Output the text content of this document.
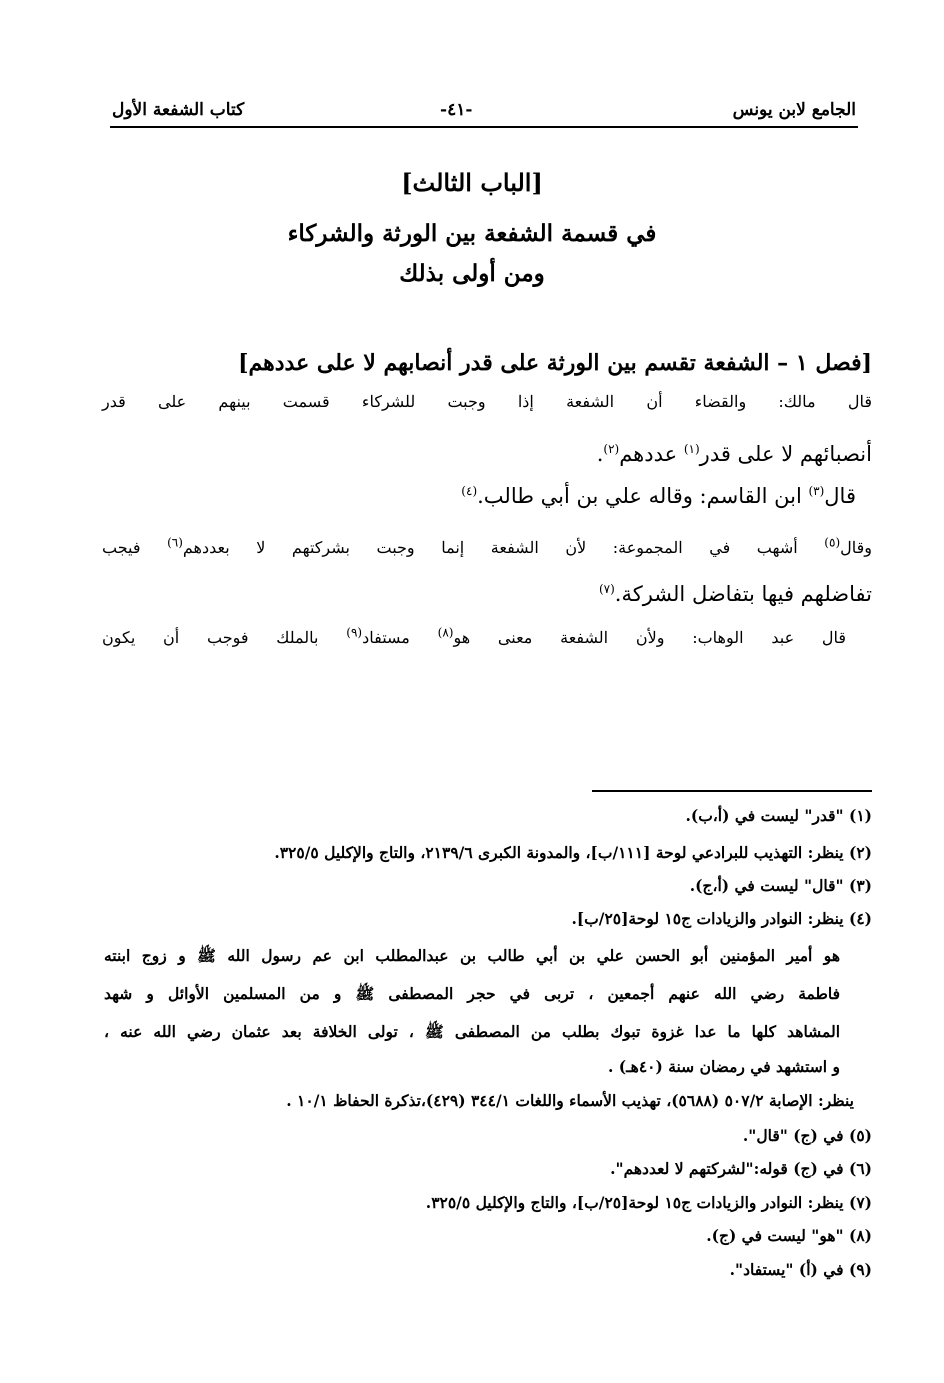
الجامع لابن يونس
-٤١-
كتاب الشفعة الأول
[الباب الثالث]
في قسمة الشفعة بين الورثة والشركاء
ومن أولى بذلك
[فصل ١ – الشفعة تقسم بين الورثة على قدر أنصابهم لا على عددهم]
قال مالك: والقضاء أن الشفعة إذا وجبت للشركاء قسمت بينهم على قدر
أنصبائهم لا على قدر$^{(١)}$ عددهم$^{(٢)}$.
قال$^{(٣)}$ ابن القاسم: وقاله علي بن أبي طالب.$^{(٤)}$
وقال$^{(٥)}$ أشهب في المجموعة: لأن الشفعة إنما وجبت بشركتهم لا بعددهم$^{(٦)}$ فيجب
تفاضلهم فيها بتفاضل الشركة.$^{(٧)}$
قال عبد الوهاب: ولأن الشفعة معنى هو$^{(٨)}$ مستفاد$^{(٩)}$ بالملك فوجب أن يكون
(١) "قدر" ليست في (أ،ب).
(٢) ينظر: التهذيب للبرادعي لوحة [١١١/ب]، والمدونة الكبرى ٢١٣٩/٦، والتاج والإكليل ٣٢٥/٥.
(٣) "قال" ليست في (أ،ج).
(٤) ينظر: النوادر والزيادات ج١٥ لوحة[٢٥/ب].
هو أمير المؤمنين أبو الحسن علي بن أبي طالب بن عبدالمطلب ابن عم رسول الله ﷺ و زوج ابنته
فاطمة رضي الله عنهم أجمعين ، تربى في حجر المصطفى ﷺ و من المسلمين الأوائل و شهد
المشاهد كلها ما عدا غزوة تبوك بطلب من المصطفى ﷺ ، تولى الخلافة بعد عثمان رضي الله عنه ،
و استشهد في رمضان سنة (٤٠هـ) .
ينظر: الإصابة ٥٠٧/٢ (٥٦٨٨)، تهذيب الأسماء واللغات ٣٤٤/١ (٤٢٩)،تذكرة الحفاظ ١٠/١ .
(٥) في (ج) "قال".
(٦) في (ج) قوله:"لشركتهم لا لعددهم".
(٧) ينظر: النوادر والزيادات ج١٥ لوحة[٢٥/ب]، والتاج والإكليل ٣٢٥/٥.
(٨) "هو" ليست في (ج).
(٩) في (أ) "يستفاد".
